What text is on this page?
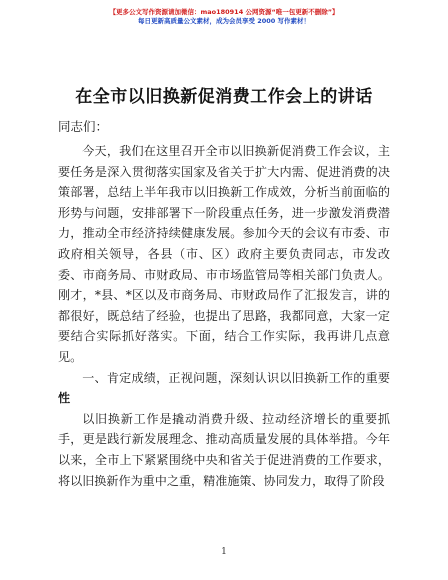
【更多公文写作资源请加微信：mao180914 公网资源“唯一包更新不删除”】
每日更新高质量公文素材，成为会员享受 2000 写作素材！
在全市以旧换新促消费工作会上的讲话
同志们：

今天，我们在这里召开全市以旧换新促消费工作会议，主要任务是深入贯彻落实国家及省关于扩大内需、促进消费的决策部署，总结上半年我市以旧换新工作成效，分析当前面临的形势与问题，安排部署下一阶段重点任务，进一步激发消费潜力，推动全市经济持续健康发展。参加今天的会议有市委、市政府相关领导，各县（市、区）政府主要负责同志，市发改委、市商务局、市财政局、市市场监管局等相关部门负责人。刚才，*县、*区以及市商务局、市财政局作了汇报发言，讲的都很好，既总结了经验，也提出了思路，我都同意，大家一定要结合实际抓好落实。下面，结合工作实际，我再讲几点意见。

一、肯定成绩，正视问题，深刻认识以旧换新工作的重要性

以旧换新工作是撬动消费升级、拉动经济增长的重要抓手，更是践行新发展理念、推动高质量发展的具体举措。今年以来，全市上下紧紧围绕中央和省关于促进消费的工作要求，将以旧换新作为重中之重，精准施策、协同发力，取得了阶段

1
